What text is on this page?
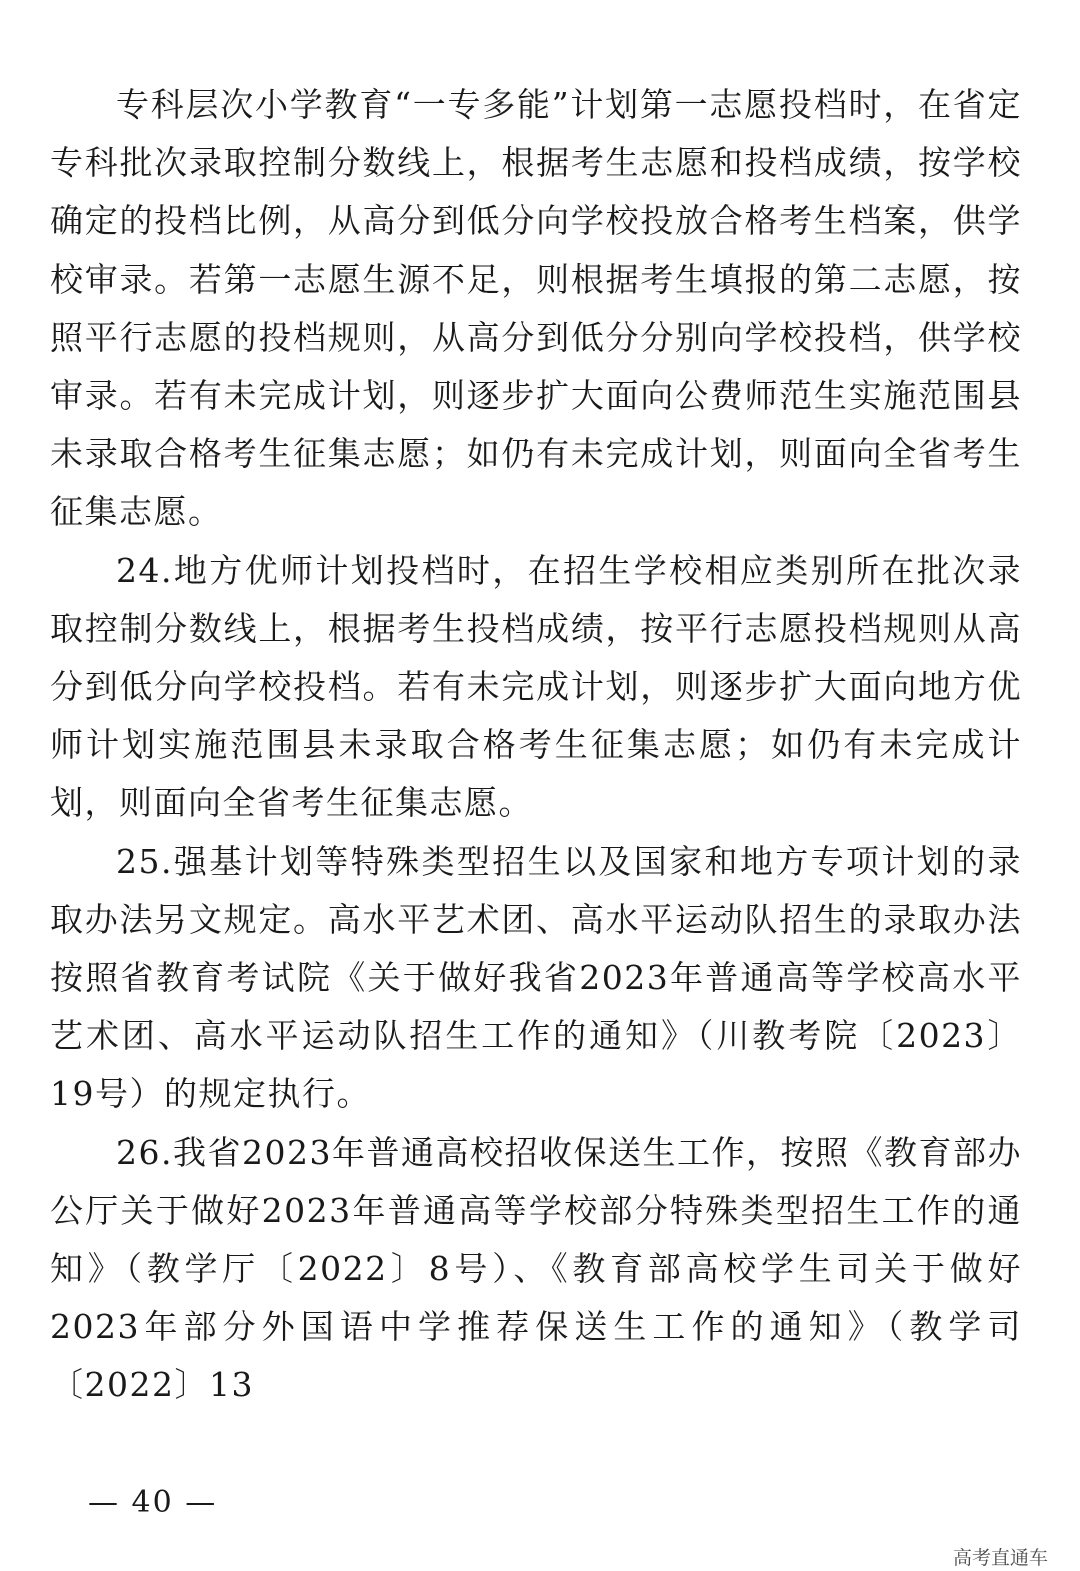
专科层次小学教育“一专多能”计划第一志愿投档时，在省定专科批次录取控制分数线上，根据考生志愿和投档成绩，按学校确定的投档比例，从高分到低分向学校投放合格考生档案，供学校审录。若第一志愿生源不足，则根据考生填报的第二志愿，按照平行志愿的投档规则，从高分到低分分别向学校投档，供学校审录。若有未完成计划，则逐步扩大面向公费师范生实施范围县未录取合格考生征集志愿；如仍有未完成计划，则面向全省考生征集志愿。

24.地方优师计划投档时，在招生学校相应类别所在批次录取控制分数线上，根据考生投档成绩，按平行志愿投档规则从高分到低分向学校投档。若有未完成计划，则逐步扩大面向地方优师计划实施范围县未录取合格考生征集志愿；如仍有未完成计划，则面向全省考生征集志愿。

25.强基计划等特殊类型招生以及国家和地方专项计划的录取办法另文规定。高水平艺术团、高水平运动队招生的录取办法按照省教育考试院《关于做好我省2023年普通高等学校高水平艺术团、高水平运动队招生工作的通知》（川教考院〔2023〕19号）的规定执行。

26.我省2023年普通高校招收保送生工作，按照《教育部办公厅关于做好2023年普通高等学校部分特殊类型招生工作的通知》（教学厅〔2022〕8号）、《教育部高校学生司关于做好2023年部分外国语中学推荐保送生工作的通知》（教学司〔2022〕13

— 40 —
高考直通车
